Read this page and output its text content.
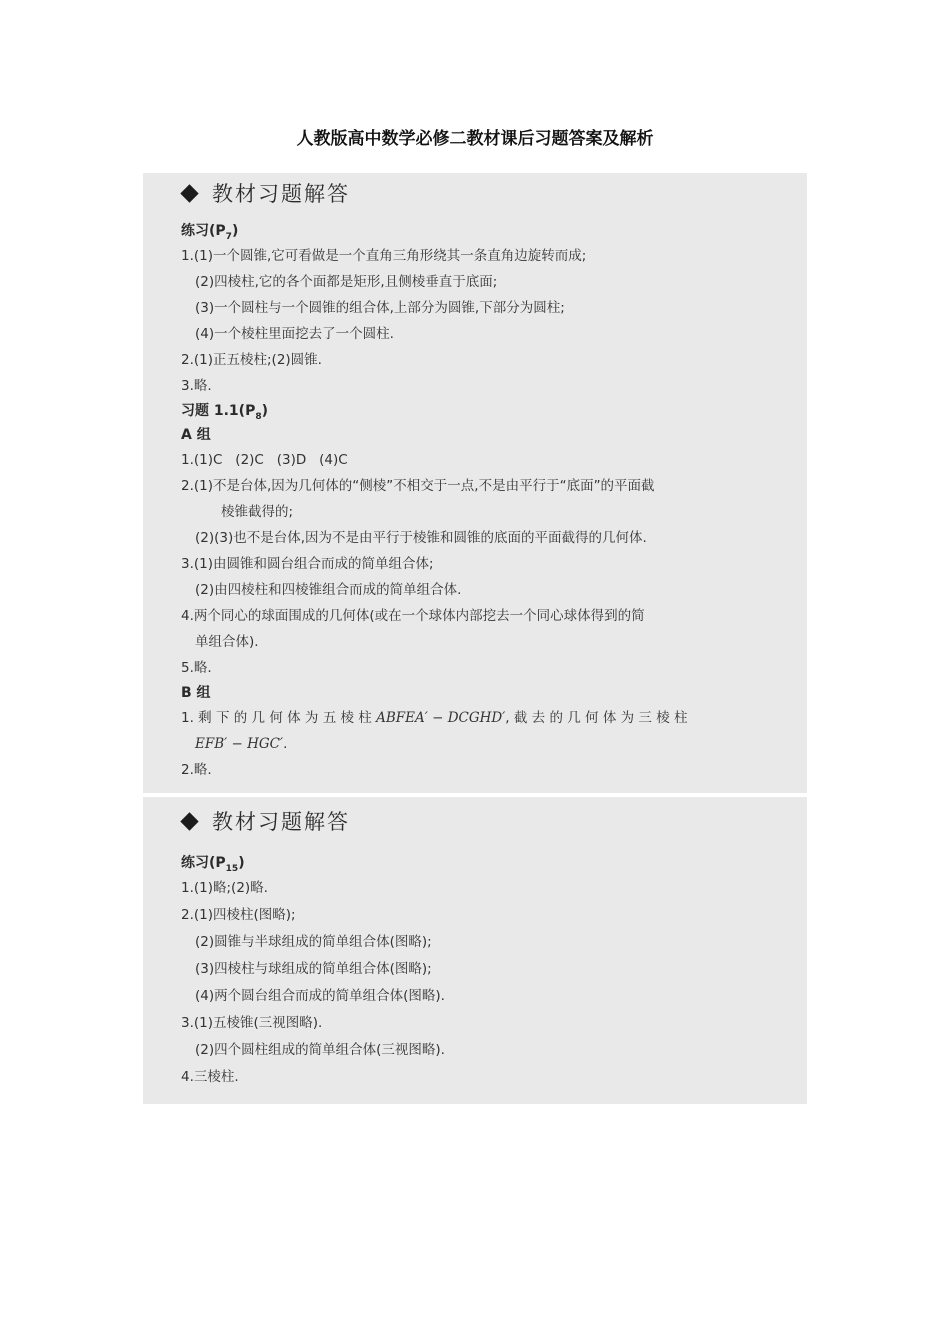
人教版高中数学必修二教材课后习题答案及解析
教材习题解答
练习$(P_7)$
1.(1)一个圆锥,它可看做是一个直角三角形绕其一条直角边旋转而成;
(2)四棱柱,它的各个面都是矩形,且侧棱垂直于底面;
(3)一个圆柱与一个圆锥的组合体,上部分为圆锥,下部分为圆柱;
(4)一个棱柱里面挖去了一个圆柱.
2.(1)正五棱柱;(2)圆锥.
3.略.
习题 $1.1(P_8)$
A 组
1.(1)C   (2)C   (3)D   (4)C
2.(1)不是台体,因为几何体的“侧棱”不相交于一点,不是由平行于“底面”的平面截
棱锥截得的;
(2)(3)也不是台体,因为不是由平行于棱锥和圆锥的底面的平面截得的几何体.
3.(1)由圆锥和圆台组合而成的简单组合体;
(2)由四棱柱和四棱锥组合而成的简单组合体.
4.两个同心的球面围成的几何体(或在一个球体内部挖去一个同心球体得到的简
单组合体).
5.略.
B 组
1. 剩 下 的 几 何 体 为 五 棱 柱 ABFEA′ − DCGHD′, 截 去 的 几 何 体 为 三 棱 柱
EFB′ − HGC′.
2.略.
教材习题解答
练习$(P_{15})$
1.(1)略;(2)略.
2.(1)四棱柱(图略);
(2)圆锥与半球组成的简单组合体(图略);
(3)四棱柱与球组成的简单组合体(图略);
(4)两个圆台组合而成的简单组合体(图略).
3.(1)五棱锥(三视图略).
(2)四个圆柱组成的简单组合体(三视图略).
4.三棱柱.
